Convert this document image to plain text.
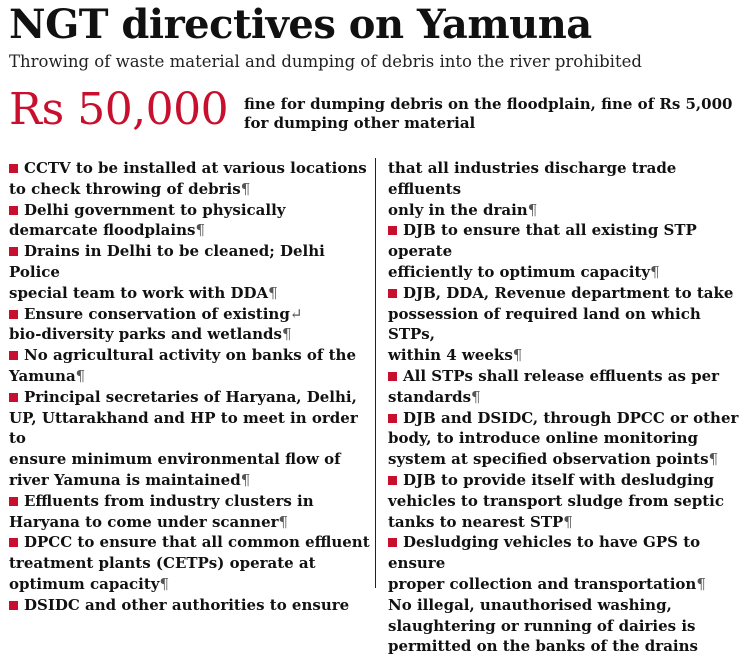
NGT directives on Yamuna
Throwing of waste material and dumping of debris into the river prohibited
Rs 50,000 fine for dumping debris on the floodplain, fine of Rs 5,000 for dumping other material
CCTV to be installed at various locations
to check throwing of debris¶
Delhi government to physically
demarcate floodplains¶
Drains in Delhi to be cleaned; Delhi Police
special team to work with DDA¶
Ensure conservation of existing↵
bio-diversity parks and wetlands¶
No agricultural activity on banks of the
Yamuna¶
Principal secretaries of Haryana, Delhi,
UP, Uttarakhand and HP to meet in order to
ensure minimum environmental flow of
river Yamuna is maintained¶
Effluents from industry clusters in
Haryana to come under scanner¶
DPCC to ensure that all common effluent
treatment plants (CETPs) operate at
optimum capacity¶
DSIDC and other authorities to ensure
that all industries discharge trade effluents
only in the drain¶
DJB to ensure that all existing STP operate
efficiently to optimum capacity¶
DJB, DDA, Revenue department to take
possession of required land on which STPs,
within 4 weeks¶
All STPs shall release effluents as per
standards¶
DJB and DSIDC, through DPCC or other
body, to introduce online monitoring
system at specified observation points¶
DJB to provide itself with desludging
vehicles to transport sludge from septic
tanks to nearest STP¶
Desludging vehicles to have GPS to ensure
proper collection and transportation¶
No illegal, unauthorised washing,
slaughtering or running of dairies is
permitted on the banks of the drains
